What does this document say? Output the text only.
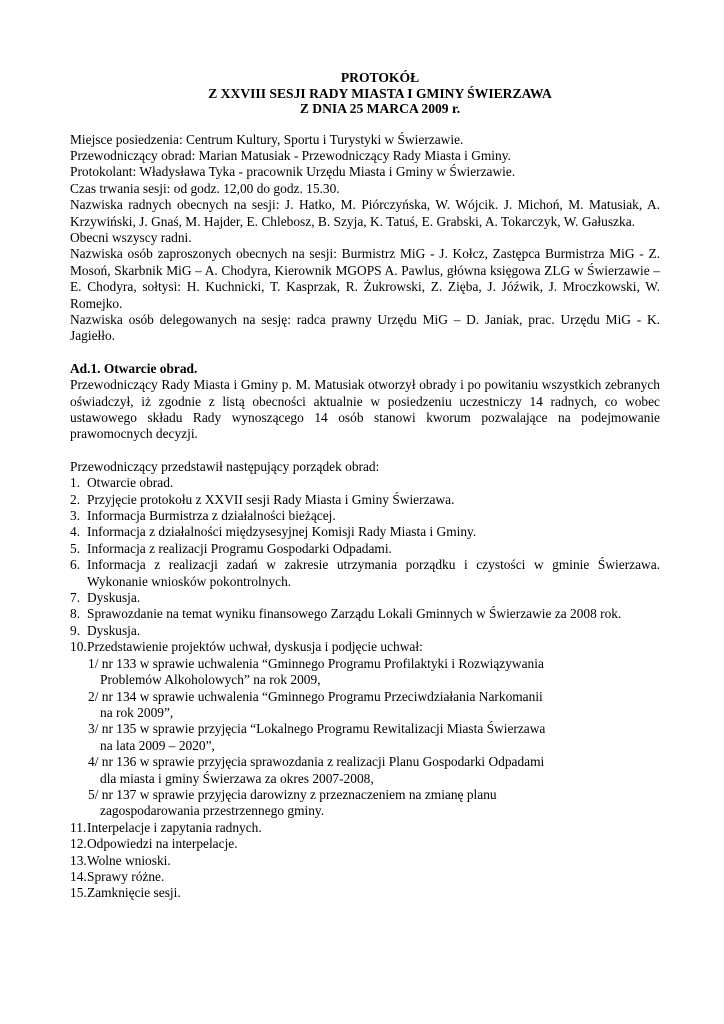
PROTOKÓŁ
Z XXVIII SESJI RADY MIASTA I GMINY ŚWIERZAWA
Z DNIA 25 MARCA 2009 r.

Miejsce posiedzenia: Centrum Kultury, Sportu i Turystyki w Świerzawie.

Przewodniczący obrad: Marian Matusiak - Przewodniczący Rady Miasta i Gminy.

Protokolant: Władysława Tyka - pracownik Urzędu Miasta i Gminy w Świerzawie.

Czas trwania sesji: od godz. 12,00 do godz. 15.30.

Nazwiska radnych obecnych na sesji: J. Hatko, M. Piórczyńska, W. Wójcik. J. Michoń, M. Matusiak, A. Krzywiński, J. Gnaś, M. Hajder, E. Chlebosz, B. Szyja, K. Tatuś, E. Grabski, A. Tokarczyk, W. Gałuszka.

Obecni wszyscy radni.

Nazwiska osób zaproszonych obecnych na sesji: Burmistrz MiG - J. Kołcz, Zastępca Burmistrza MiG - Z. Mosoń, Skarbnik MiG – A. Chodyra, Kierownik MGOPS A. Pawlus, główna księgowa ZLG w Świerzawie – E. Chodyra, sołtysi: H. Kuchnicki, T. Kasprzak, R. Żukrowski, Z. Zięba, J. Jóźwik, J. Mroczkowski, W. Romejko.

Nazwiska osób delegowanych na sesję: radca prawny Urzędu MiG – D. Janiak, prac. Urzędu MiG - K. Jagiełło.

Ad.1. Otwarcie obrad.

Przewodniczący Rady Miasta i Gminy p. M. Matusiak otworzył obrady i po powitaniu wszystkich zebranych oświadczył, iż zgodnie z listą obecności aktualnie w posiedzeniu uczestniczy 14 radnych, co wobec ustawowego składu Rady wynoszącego 14 osób stanowi kworum pozwalające na podejmowanie prawomocnych decyzji.

Przewodniczący przedstawił następujący porządek obrad:

1. Otwarcie obrad.
2. Przyjęcie protokołu z XXVII sesji Rady Miasta i Gminy Świerzawa.
3. Informacja Burmistrza z działalności bieżącej.
4. Informacja z działalności międzysesyjnej Komisji Rady Miasta i Gminy.
5. Informacja z realizacji Programu Gospodarki Odpadami.
6. Informacja z realizacji zadań w zakresie utrzymania porządku i czystości w gminie Świerzawa. Wykonanie wniosków pokontrolnych.
7. Dyskusja.
8. Sprawozdanie na temat wyniku finansowego Zarządu Lokali Gminnych w Świerzawie za 2008 rok.
9. Dyskusja.
10. Przedstawienie projektów uchwał, dyskusja i podjęcie uchwał:
1/ nr 133 w sprawie uchwalenia “Gminnego Programu Profilaktyki i Rozwiązywania
Problemów Alkoholowych” na rok 2009,
2/ nr 134 w sprawie uchwalenia “Gminnego Programu Przeciwdziałania Narkomanii
na rok 2009”,
3/ nr 135 w sprawie przyjęcia “Lokalnego Programu Rewitalizacji Miasta Świerzawa
na lata 2009 – 2020”,
4/ nr 136 w sprawie przyjęcia sprawozdania z realizacji Planu Gospodarki Odpadami
dla miasta i gminy Świerzawa za okres 2007-2008,
5/ nr 137 w sprawie przyjęcia darowizny z przeznaczeniem na zmianę planu
zagospodarowania przestrzennego gminy.
11. Interpelacje i zapytania radnych.
12. Odpowiedzi na interpelacje.
13. Wolne wnioski.
14. Sprawy różne.
15. Zamknięcie sesji.
